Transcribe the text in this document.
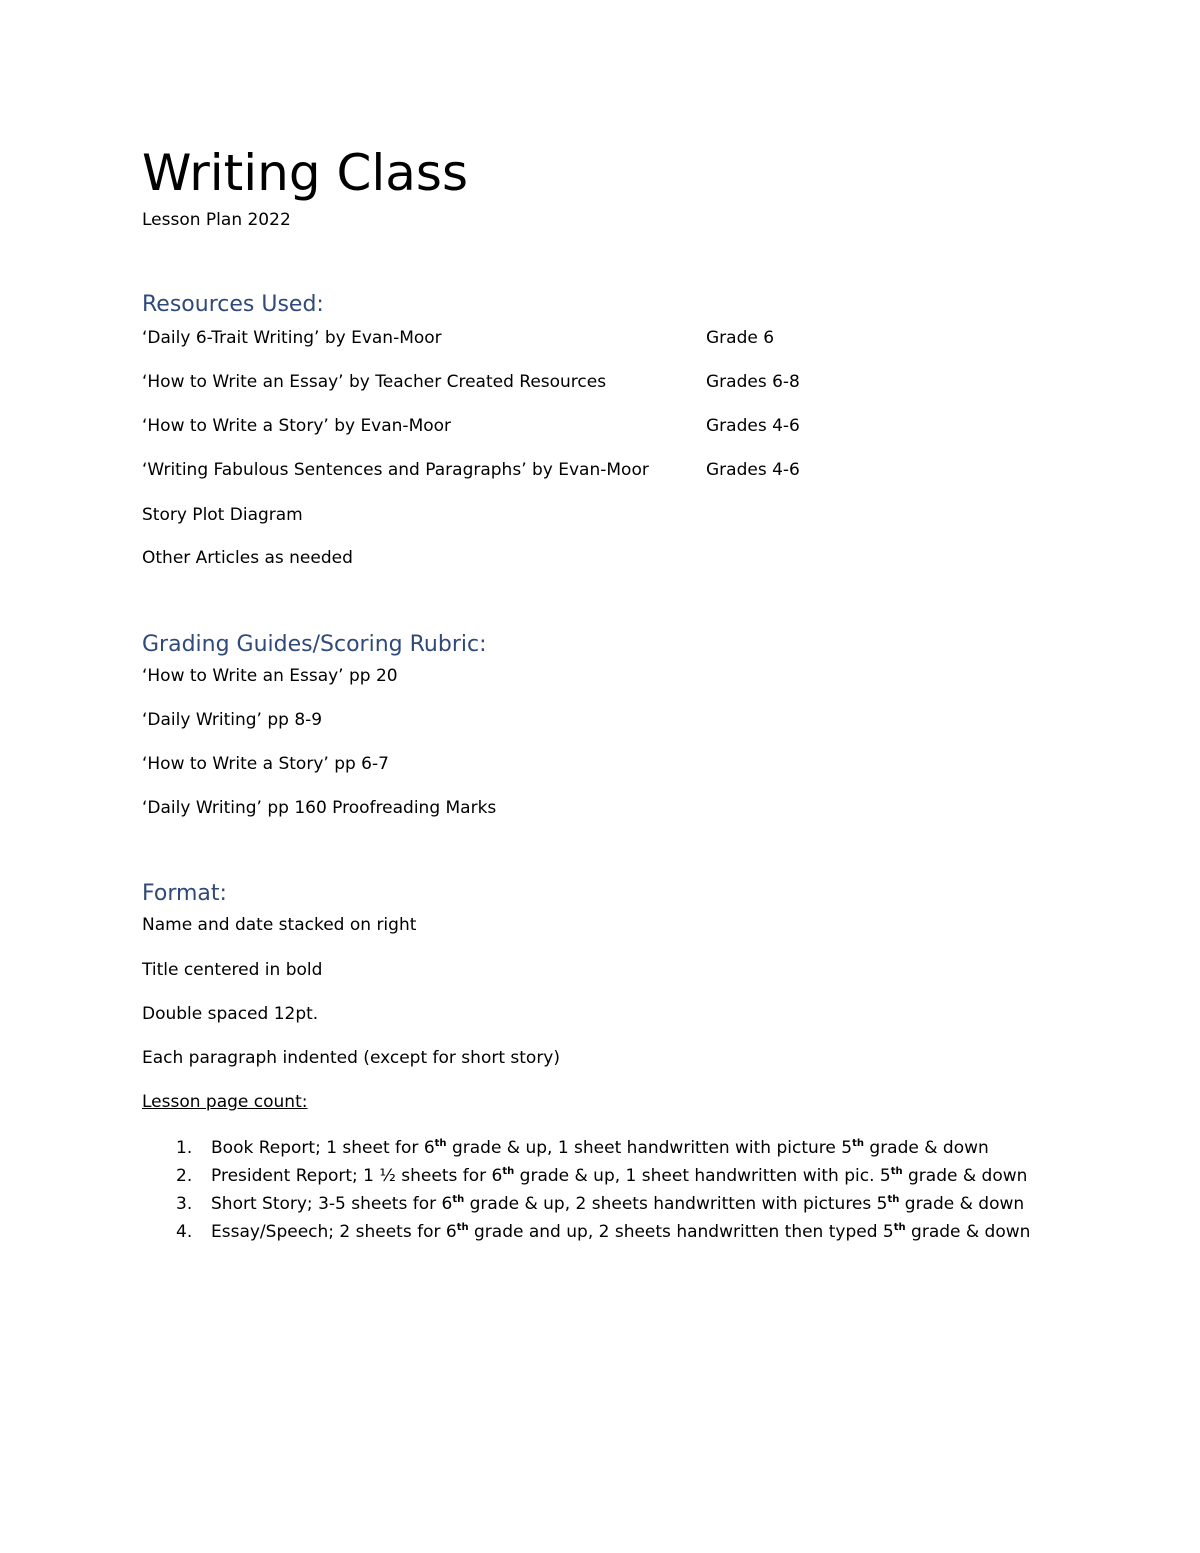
Writing Class

Lesson Plan 2022

Resources Used:
‘Daily 6-Trait Writing’ by Evan-Moor	Grade 6
‘How to Write an Essay’ by Teacher Created Resources	Grades 6-8
‘How to Write a Story’ by Evan-Moor	Grades 4-6
‘Writing Fabulous Sentences and Paragraphs’ by Evan-Moor	Grades 4-6
Story Plot Diagram
Other Articles as needed
Grading Guides/Scoring Rubric:
‘How to Write an Essay’ pp 20
‘Daily Writing’ pp 8-9
‘How to Write a Story’ pp 6-7
‘Daily Writing’ pp 160 Proofreading Marks
Format:
Name and date stacked on right
Title centered in bold
Double spaced 12pt.
Each paragraph indented (except for short story)
Lesson page count:
1. Book Report; 1 sheet for 6th grade & up, 1 sheet handwritten with picture 5th grade & down
2. President Report; 1 ½ sheets for 6th grade & up, 1 sheet handwritten with pic. 5th grade & down
3. Short Story; 3-5 sheets for 6th grade & up, 2 sheets handwritten with pictures 5th grade & down
4. Essay/Speech; 2 sheets for 6th grade and up, 2 sheets handwritten then typed 5th grade & down
